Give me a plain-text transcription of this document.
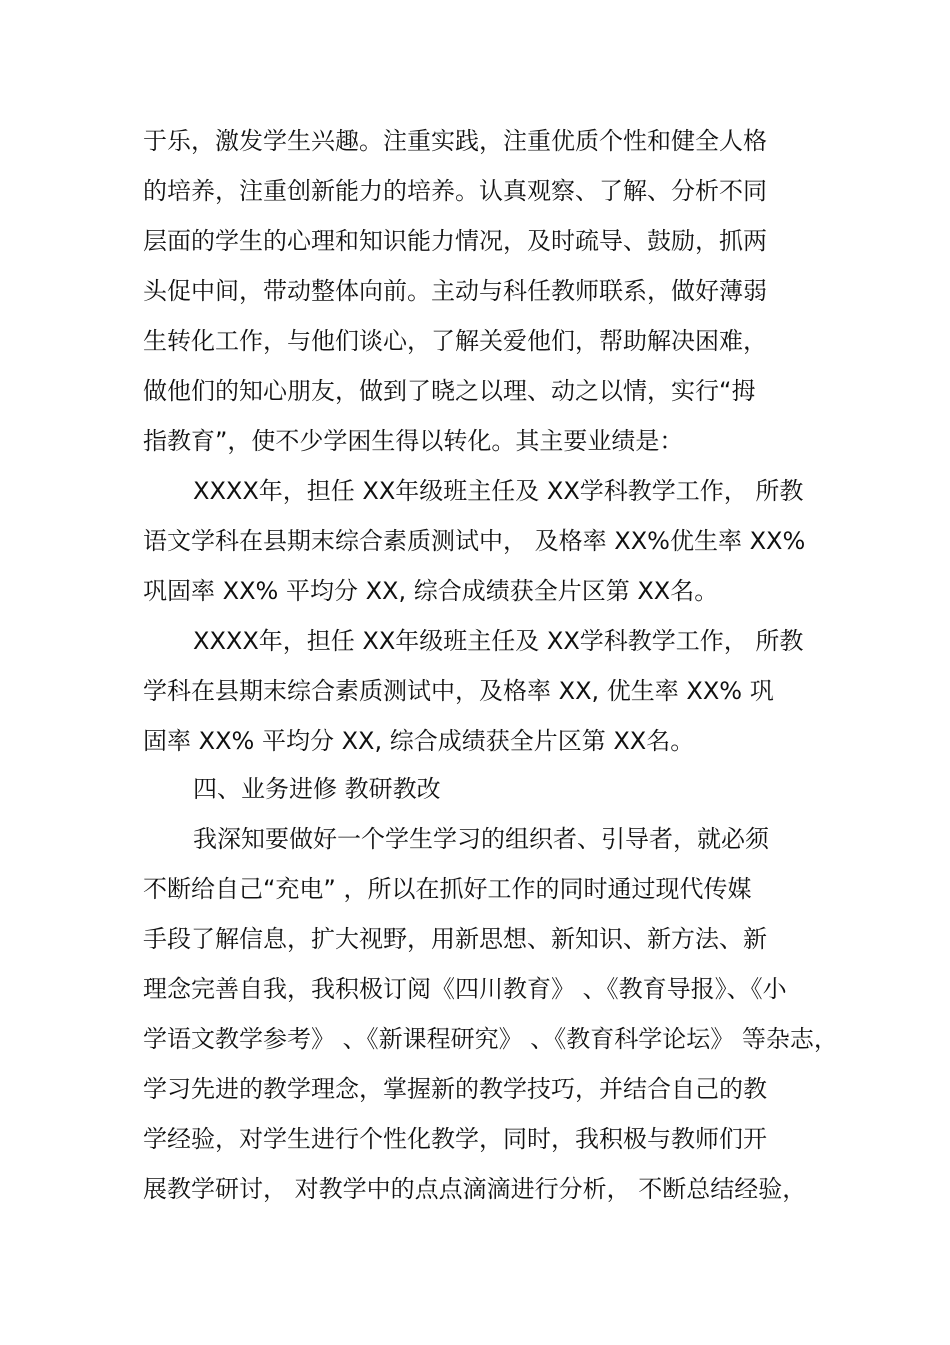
于乐，激发学生兴趣。注重实践，注重优质个性和健全人格
的培养，注重创新能力的培养。认真观察、了解、分析不同
层面的学生的心理和知识能力情况，及时疏导、鼓励，抓两
头促中间，带动整体向前。主动与科任教师联系，做好薄弱
生转化工作，与他们谈心，了解关爱他们，帮助解决困难，
做他们的知心朋友，做到了晓之以理、动之以情，实行“拇
指教育”，使不少学困生得以转化。其主要业绩是：
XXXX年，担任 XX年级班主任及 XX学科教学工作， 所教
语文学科在县期末综合素质测试中， 及格率 XX%优生率 XX%
巩固率 XX% 平均分 XX, 综合成绩获全片区第 XX名。
XXXX年，担任 XX年级班主任及 XX学科教学工作， 所教
学科在县期末综合素质测试中，及格率 XX, 优生率 XX% 巩
固率 XX% 平均分 XX, 综合成绩获全片区第 XX名。
四、业务进修 教研教改
我深知要做好一个学生学习的组织者、引导者，就必须
不断给自己“充电” ，所以在抓好工作的同时通过现代传媒
手段了解信息，扩大视野，用新思想、新知识、新方法、新
理念完善自我，我积极订阅《四川教育》 、《教育导报》、《小
学语文教学参考》 、《新课程研究》 、《教育科学论坛》 等杂志，
学习先进的教学理念，掌握新的教学技巧，并结合自己的教
学经验，对学生进行个性化教学，同时，我积极与教师们开
展教学研讨， 对教学中的点点滴滴进行分析， 不断总结经验，
